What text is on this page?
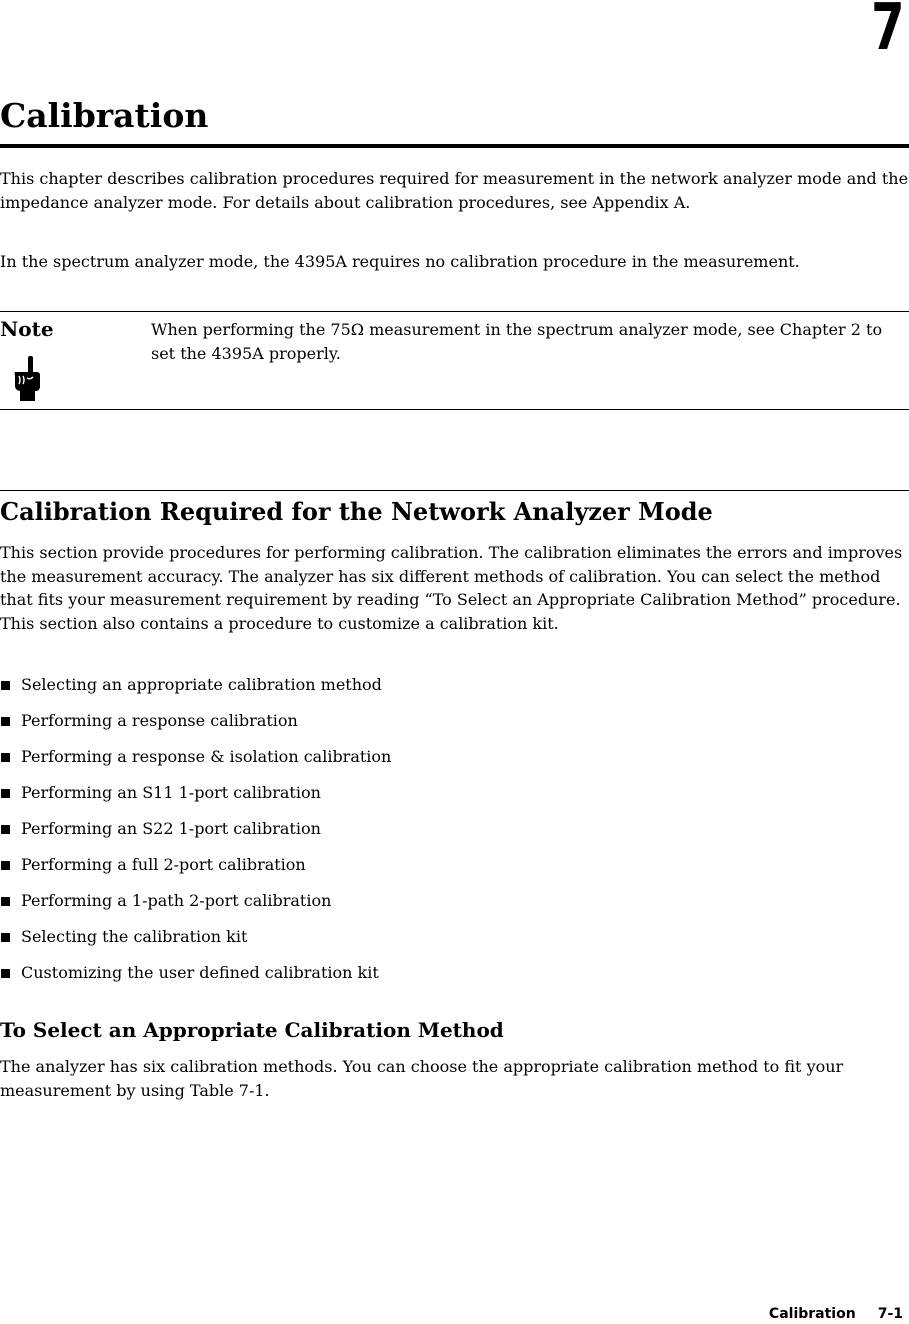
7
Calibration

This chapter describes calibration procedures required for measurement in the network analyzer mode and the impedance analyzer mode. For details about calibration procedures, see Appendix A.

In the spectrum analyzer mode, the 4395A requires no calibration procedure in the measurement.

Note	When performing the 75Ω measurement in the spectrum analyzer mode, see Chapter 2 to set the 4395A properly.

Calibration Required for the Network Analyzer Mode

This section provide procedures for performing calibration. The calibration eliminates the errors and improves the measurement accuracy. The analyzer has six different methods of calibration. You can select the method that fits your measurement requirement by reading “To Select an Appropriate Calibration Method” procedure. This section also contains a procedure to customize a calibration kit.

Selecting an appropriate calibration method
Performing a response calibration
Performing a response & isolation calibration
Performing an S11 1-port calibration
Performing an S22 1-port calibration
Performing a full 2-port calibration
Performing a 1-path 2-port calibration
Selecting the calibration kit
Customizing the user defined calibration kit
To Select an Appropriate Calibration Method

The analyzer has six calibration methods. You can choose the appropriate calibration method to fit your measurement by using Table 7-1.

Calibration 7-1
